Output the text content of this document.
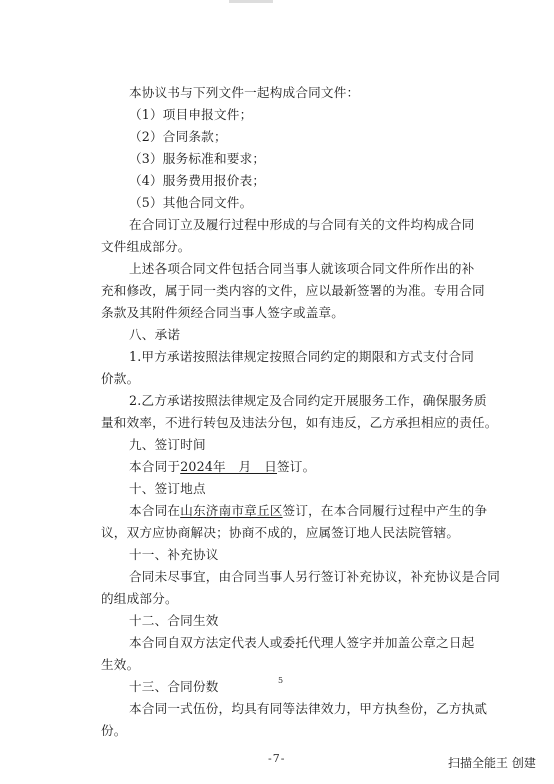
本协议书与下列文件一起构成合同文件：
（1）项目申报文件；
（2）合同条款；
（3）服务标准和要求；
（4）服务费用报价表；
（5）其他合同文件。
在合同订立及履行过程中形成的与合同有关的文件均构成合同
文件组成部分。
上述各项合同文件包括合同当事人就该项合同文件所作出的补
充和修改，属于同一类内容的文件，应以最新签署的为准。专用合同
条款及其附件须经合同当事人签字或盖章。
八、承诺
1.甲方承诺按照法律规定按照合同约定的期限和方式支付合同
价款。
2.乙方承诺按照法律规定及合同约定开展服务工作，确保服务质
量和效率，不进行转包及违法分包，如有违反，乙方承担相应的责任。
九、签订时间
本合同于2024年　月　日签订。
十、签订地点
本合同在山东济南市章丘区签订，在本合同履行过程中产生的争
议，双方应协商解决；协商不成的，应属签订地人民法院管辖。
十一、补充协议
合同未尽事宜，由合同当事人另行签订补充协议，补充协议是合同
的组成部分。
十二、合同生效
本合同自双方法定代表人或委托代理人签字并加盖公章之日起
生效。
十三、合同份数
本合同一式伍份，均具有同等法律效力，甲方执叁份，乙方执贰
份。
5
-7-	扫描全能王 创建
